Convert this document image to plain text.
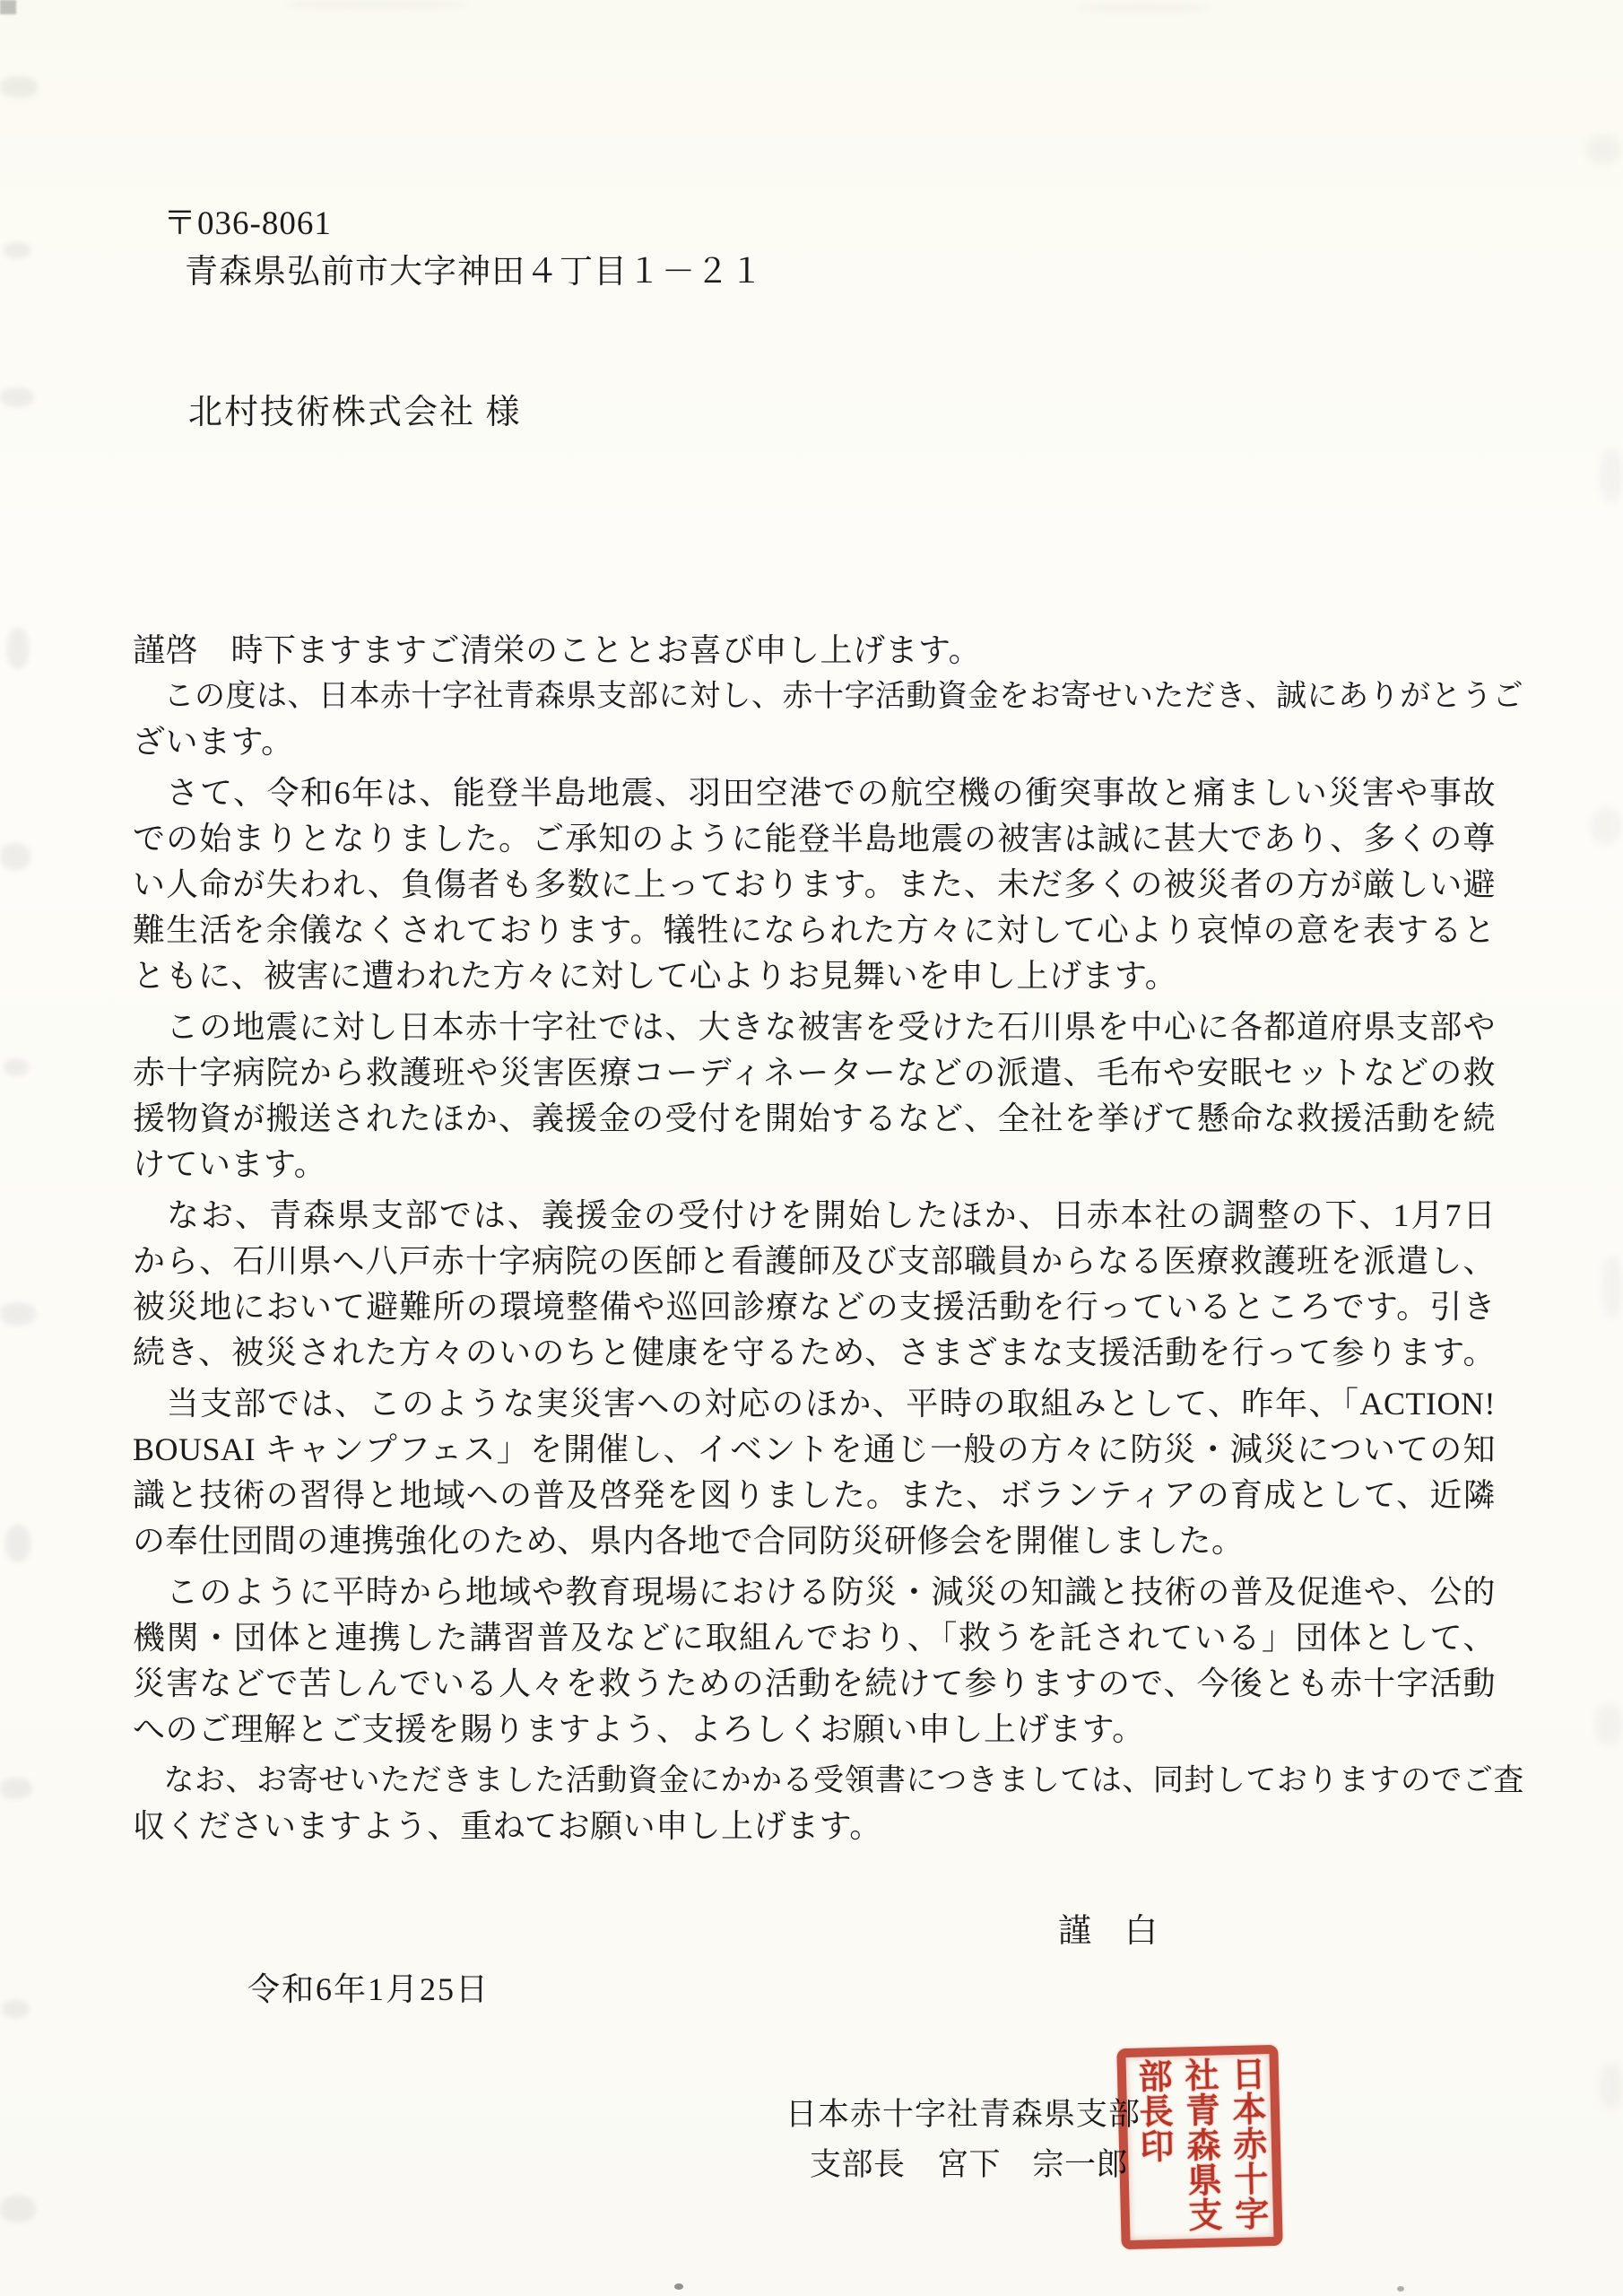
〒036-8061
青森県弘前市大字神田４丁目１－２１
北村技術株式会社 様
謹啓　時下ますますご清栄のこととお喜び申し上げます。
　この度は、日本赤十字社青森県支部に対し、赤十字活動資金をお寄せいただき、誠にありがとうご
ざいます。
　さて、令和6年は、能登半島地震、羽田空港での航空機の衝突事故と痛ましい災害や事故
での始まりとなりました。ご承知のように能登半島地震の被害は誠に甚大であり、多くの尊
い人命が失われ、負傷者も多数に上っております。また、未だ多くの被災者の方が厳しい避
難生活を余儀なくされております。犠牲になられた方々に対して心より哀悼の意を表すると
ともに、被害に遭われた方々に対して心よりお見舞いを申し上げます。
　この地震に対し日本赤十字社では、大きな被害を受けた石川県を中心に各都道府県支部や
赤十字病院から救護班や災害医療コーディネーターなどの派遣、毛布や安眠セットなどの救
援物資が搬送されたほか、義援金の受付を開始するなど、全社を挙げて懸命な救援活動を続
けています。
　なお、青森県支部では、義援金の受付けを開始したほか、日赤本社の調整の下、1月7日
から、石川県へ八戸赤十字病院の医師と看護師及び支部職員からなる医療救護班を派遣し、
被災地において避難所の環境整備や巡回診療などの支援活動を行っているところです。引き
続き、被災された方々のいのちと健康を守るため、さまざまな支援活動を行って参ります。
　当支部では、このような実災害への対応のほか、平時の取組みとして、昨年、「ACTION!
BOUSAI キャンプフェス」を開催し、イベントを通じ一般の方々に防災・減災についての知
識と技術の習得と地域への普及啓発を図りました。また、ボランティアの育成として、近隣
の奉仕団間の連携強化のため、県内各地で合同防災研修会を開催しました。
　このように平時から地域や教育現場における防災・減災の知識と技術の普及促進や、公的
機関・団体と連携した講習普及などに取組んでおり、「救うを託されている」団体として、
災害などで苦しんでいる人々を救うための活動を続けて参りますので、今後とも赤十字活動
へのご理解とご支援を賜りますよう、よろしくお願い申し上げます。
　なお、お寄せいただきました活動資金にかかる受領書につきましては、同封しておりますのでご査
収くださいますよう、重ねてお願い申し上げます。
謹　白
令和6年1月25日
日本赤十字社青森県支部
支部長　宮下　宗一郎	日本赤十字社青森県支部長印
